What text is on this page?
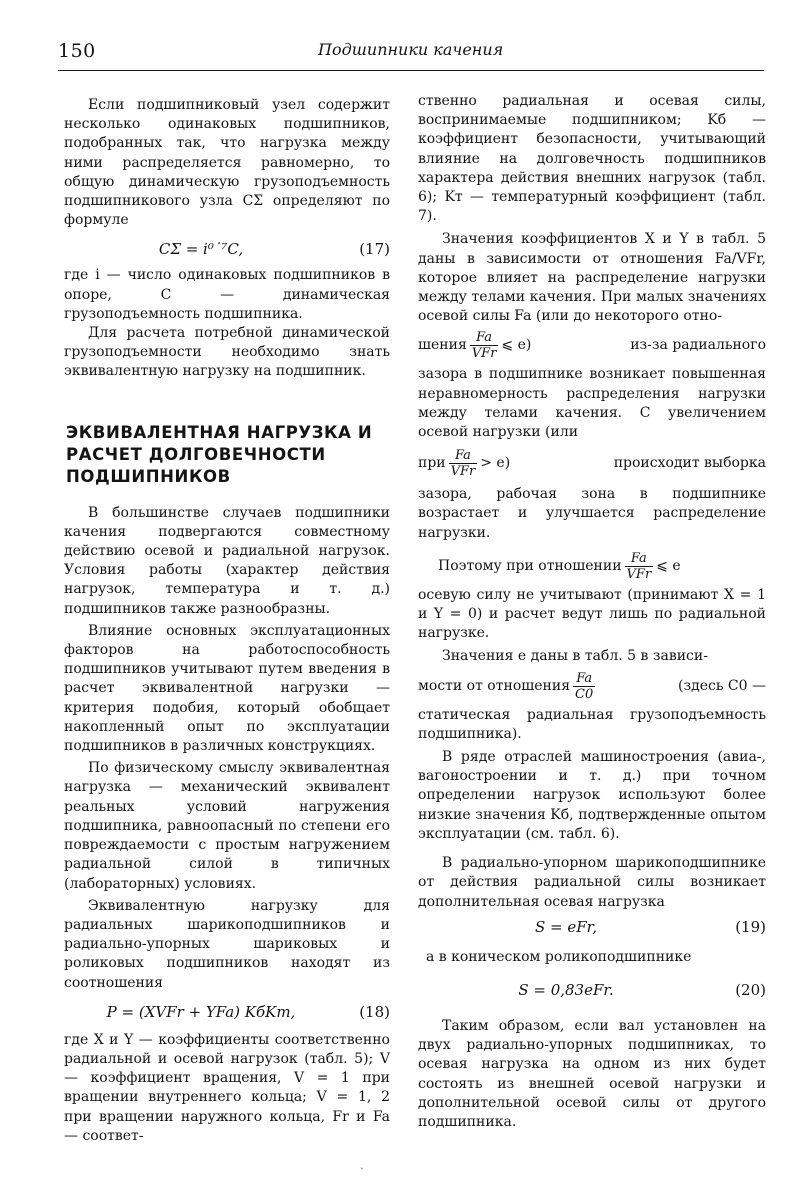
150	Подшипники качения

Если подшипниковый узел содержит несколько одинаковых подшипников, подобранных так, что нагрузка между ними распределяется равномерно, то общую динамическую грузоподъемность подшипникового узла CΣ определяют по формуле

CΣ = i⁰˙⁷C,	(17)

где i — число одинаковых подшипников в опоре, C — динамическая грузоподъемность подшипника.

Для расчета потребной динамической грузоподъемности необходимо знать эквивалентную нагрузку на подшипник.

ЭКВИВАЛЕНТНАЯ НАГРУЗКА И РАСЧЕТ ДОЛГОВЕЧНОСТИ ПОДШИПНИКОВ

В большинстве случаев подшипники качения подвергаются совместному действию осевой и радиальной нагрузок. Условия работы (характер действия нагрузок, температура и т. д.) подшипников также разнообразны.

Влияние основных эксплуатационных факторов на работоспособность подшипников учитывают путем введения в расчет эквивалентной нагрузки — критерия подобия, который обобщает накопленный опыт по эксплуатации подшипников в различных конструкциях.

По физическому смыслу эквивалентная нагрузка — механический эквивалент реальных условий нагружения подшипника, равноопасный по степени его повреждаемости с простым нагружением радиальной силой в типичных (лабораторных) условиях.

Эквивалентную нагрузку для радиальных шарикоподшипников и радиально-упорных шариковых и роликовых подшипников находят из соотношения

P = (XVFr + YFa) KбKт,	(18)

где X и Y — коэффициенты соответственно радиальной и осевой нагрузок (табл. 5); V — коэффициент вращения, V = 1 при вращении внутреннего кольца; V = 1, 2 при вращении наружного кольца, Fr и Fa — соответ-

ственно радиальная и осевая силы, воспринимаемые подшипником; Kб — коэффициент безопасности, учитывающий влияние на долговечность подшипников характера действия внешних нагрузок (табл. 6); Kт — температурный коэффициент (табл. 7).

Значения коэффициентов X и Y в табл. 5 даны в зависимости от отношения Fa/VFr, которое влияет на распределение нагрузки между телами качения. При малых значениях осевой силы Fa (или до некоторого отно-

шения $\frac{Fa}{\text{VFr}}$ ⩽ e)	из-за радиального

зазора в подшипнике возникает повышенная неравномерность распределения нагрузки между телами качения. С увеличением осевой нагрузки (или

при $\frac{Fa}{\text{VFr}} > e$)	происходит выборка

зазора, рабочая зона в подшипнике возрастает и улучшается распределение нагрузки.

Поэтому при отношении $\frac{Fa}{\text{VFr}}$ ⩽ e

осевую силу не учитывают (принимают X = 1 и Y = 0) и расчет ведут лишь по радиальной нагрузке.

Значения e даны в табл. 5 в зависи-

мости от отношения $\frac{Fa}{C0}$	(здесь C0 —

статическая радиальная грузоподъемность подшипника).

В ряде отраслей машиностроения (авиа-, вагоностроении и т. д.) при точном определении нагрузок используют более низкие значения Kб, подтвержденные опытом эксплуатации (см. табл. 6).

В радиально-упорном шарикоподшипнике от действия радиальной силы возникает дополнительная осевая нагрузка

S = eFr,	(19)

а в коническом роликоподшипнике

S = 0,83eFr.	(20)

Таким образом, если вал установлен на двух радиально-упорных подшипниках, то осевая нагрузка на одном из них будет состоять из внешней осевой нагрузки и дополнительной осевой силы от другого подшипника.

ˎ
